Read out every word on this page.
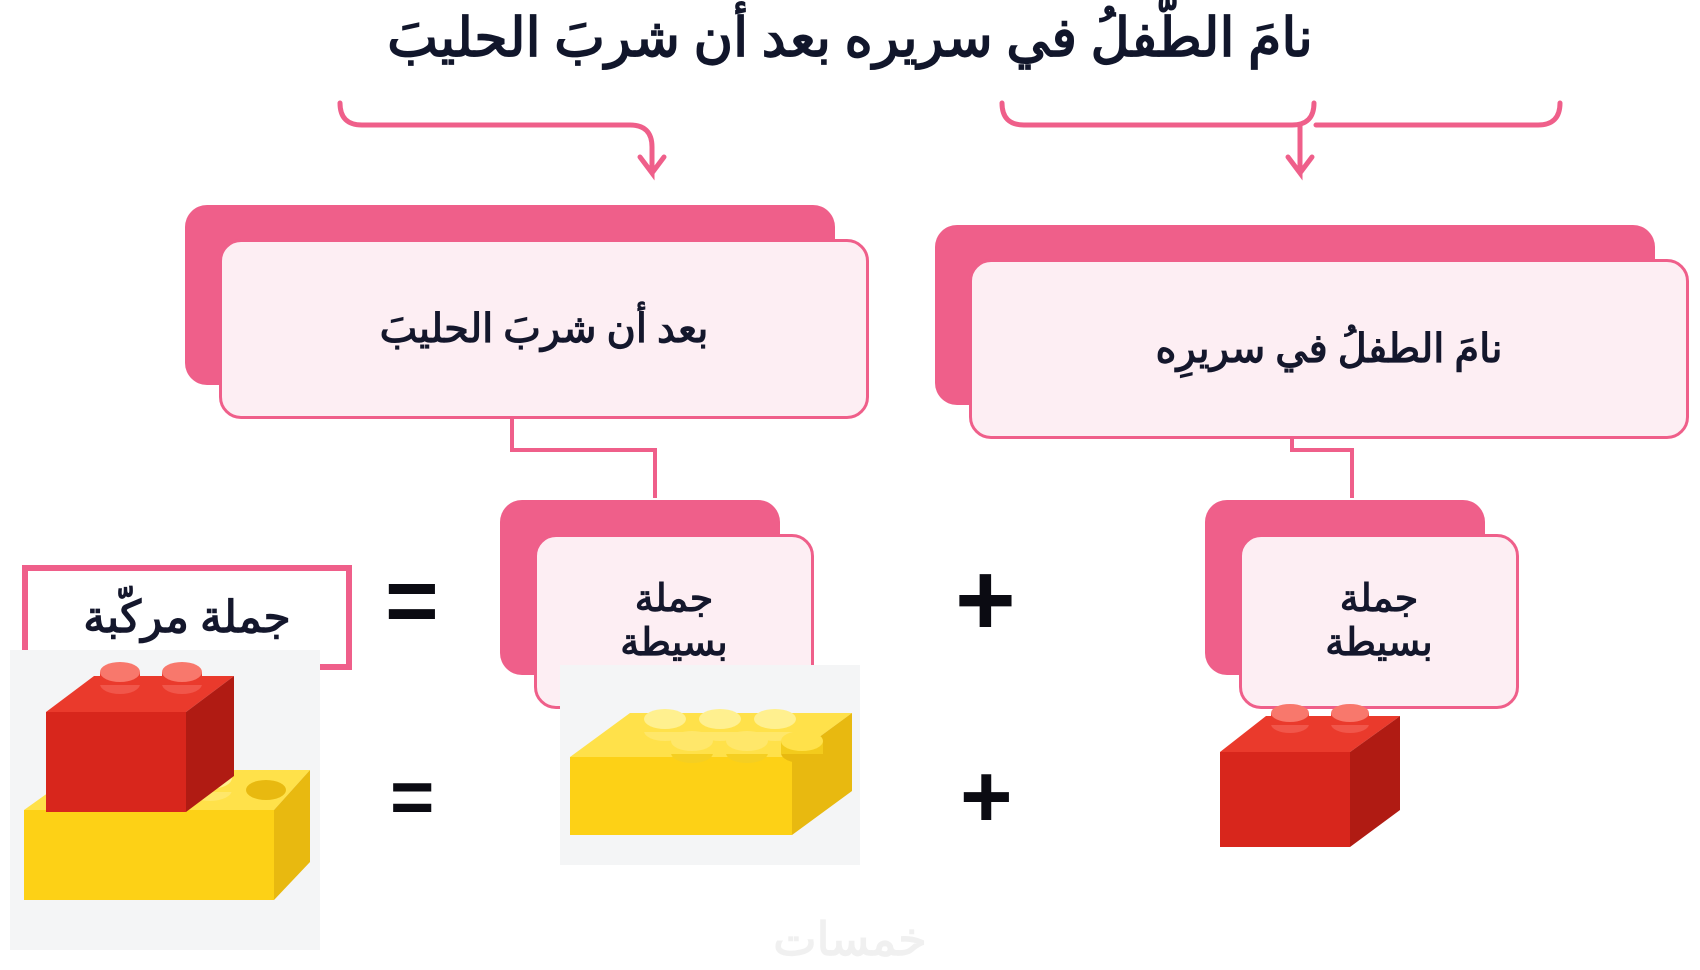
نامَ الطّفلُ في سريره بعد أن شربَ الحليبَ
بعد أن شربَ الحليبَ	نامَ الطفلُ في سريرِه
جملة
بسيطة
جملة
بسيطة
جملة مركّبة =	+
=	+
خمسات
